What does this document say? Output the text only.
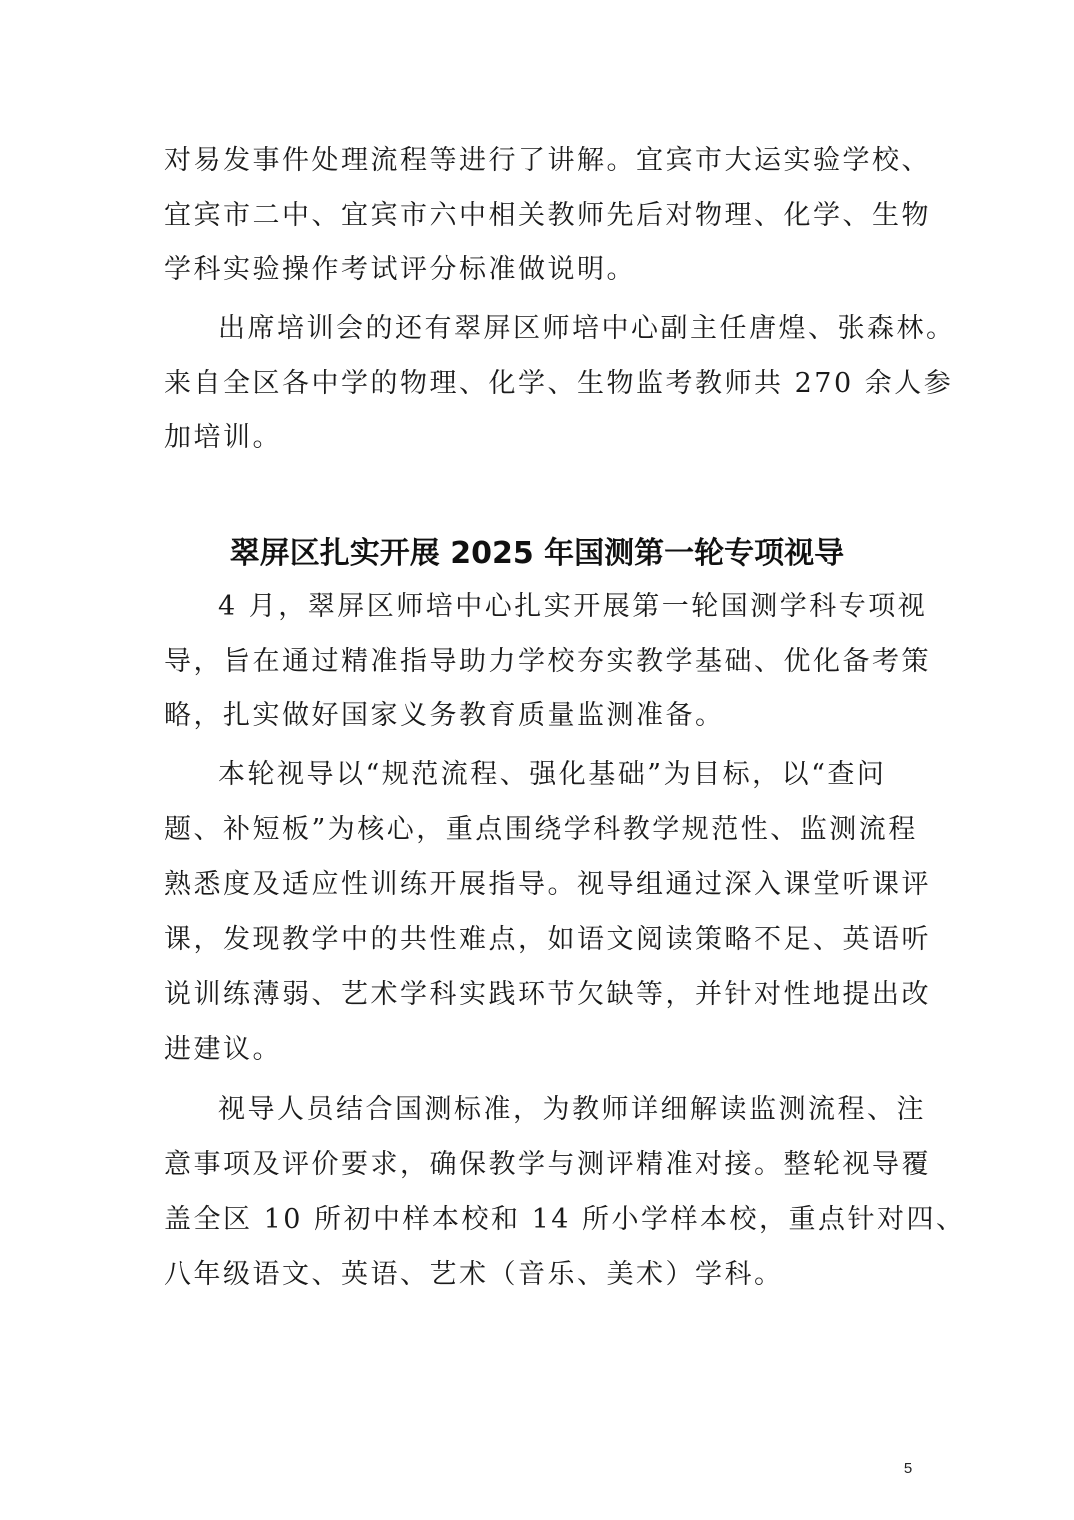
对易发事件处理流程等进行了讲解。宜宾市大运实验学校、

宜宾市二中、宜宾市六中相关教师先后对物理、化学、生物

学科实验操作考试评分标准做说明。

出席培训会的还有翠屏区师培中心副主任唐煌、张森林。

来自全区各中学的物理、化学、生物监考教师共 270 余人参

加培训。

翠屏区扎实开展 2025 年国测第一轮专项视导

4 月，翠屏区师培中心扎实开展第一轮国测学科专项视

导，旨在通过精准指导助力学校夯实教学基础、优化备考策

略，扎实做好国家义务教育质量监测准备。

本轮视导以“规范流程、强化基础”为目标，以“查问

题、补短板”为核心，重点围绕学科教学规范性、监测流程

熟悉度及适应性训练开展指导。视导组通过深入课堂听课评

课，发现教学中的共性难点，如语文阅读策略不足、英语听

说训练薄弱、艺术学科实践环节欠缺等，并针对性地提出改

进建议。

视导人员结合国测标准，为教师详细解读监测流程、注

意事项及评价要求，确保教学与测评精准对接。整轮视导覆

盖全区 10 所初中样本校和 14 所小学样本校，重点针对四、

八年级语文、英语、艺术（音乐、美术）学科。

5
